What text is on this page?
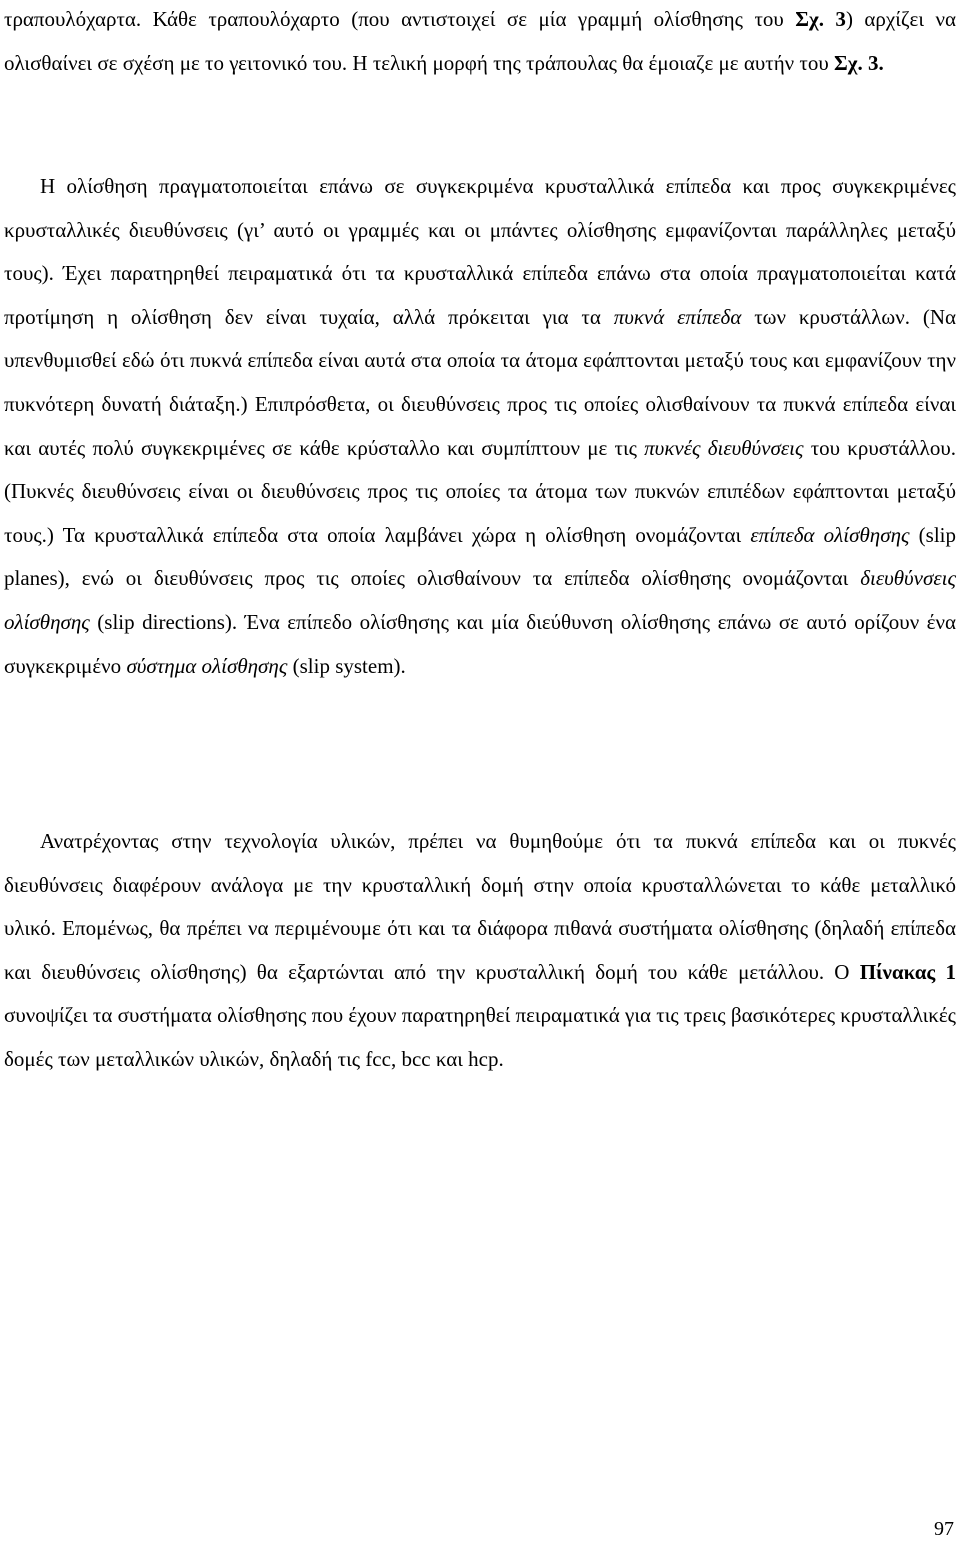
τραπουλόχαρτα. Κάθε τραπουλόχαρτο (που αντιστοιχεί σε μία γραμμή ολίσθησης του Σχ. 3) αρχίζει να ολισθαίνει σε σχέση με το γειτονικό του. Η τελική μορφή της τράπουλας θα έμοιαζε με αυτήν του Σχ. 3.

Η ολίσθηση πραγματοποιείται επάνω σε συγκεκριμένα κρυσταλλικά επίπεδα και προς συγκεκριμένες κρυσταλλικές διευθύνσεις (γι’ αυτό οι γραμμές και οι μπάντες ολίσθησης εμφανίζονται παράλληλες μεταξύ τους). Έχει παρατηρηθεί πειραματικά ότι τα κρυσταλλικά επίπεδα επάνω στα οποία πραγματοποιείται κατά προτίμηση η ολίσθηση δεν είναι τυχαία, αλλά πρόκειται για τα πυκνά επίπεδα των κρυστάλλων. (Να υπενθυμισθεί εδώ ότι πυκνά επίπεδα είναι αυτά στα οποία τα άτομα εφάπτονται μεταξύ τους και εμφανίζουν την πυκνότερη δυνατή διάταξη.) Επιπρόσθετα, οι διευθύνσεις προς τις οποίες ολισθαίνουν τα πυκνά επίπεδα είναι και αυτές πολύ συγκεκριμένες σε κάθε κρύσταλλο και συμπίπτουν με τις πυκνές διευθύνσεις του κρυστάλλου. (Πυκνές διευθύνσεις είναι οι διευθύνσεις προς τις οποίες τα άτομα των πυκνών επιπέδων εφάπτονται μεταξύ τους.) Τα κρυσταλλικά επίπεδα στα οποία λαμβάνει χώρα η ολίσθηση ονομάζονται επίπεδα ολίσθησης (slip planes), ενώ οι διευθύνσεις προς τις οποίες ολισθαίνουν τα επίπεδα ολίσθησης ονομάζονται διευθύνσεις ολίσθησης (slip directions). Ένα επίπεδο ολίσθησης και μία διεύθυνση ολίσθησης επάνω σε αυτό ορίζουν ένα συγκεκριμένο σύστημα ολίσθησης (slip system).

Ανατρέχοντας στην τεχνολογία υλικών, πρέπει να θυμηθούμε ότι τα πυκνά επίπεδα και οι πυκνές διευθύνσεις διαφέρουν ανάλογα με την κρυσταλλική δομή στην οποία κρυσταλλώνεται το κάθε μεταλλικό υλικό. Επομένως, θα πρέπει να περιμένουμε ότι και τα διάφορα πιθανά συστήματα ολίσθησης (δηλαδή επίπεδα και διευθύνσεις ολίσθησης) θα εξαρτώνται από την κρυσταλλική δομή του κάθε μετάλλου. Ο Πίνακας 1 συνοψίζει τα συστήματα ολίσθησης που έχουν παρατηρηθεί πειραματικά για τις τρεις βασικότερες κρυσταλλικές δομές των μεταλλικών υλικών, δηλαδή τις fcc, bcc και hcp.

97
